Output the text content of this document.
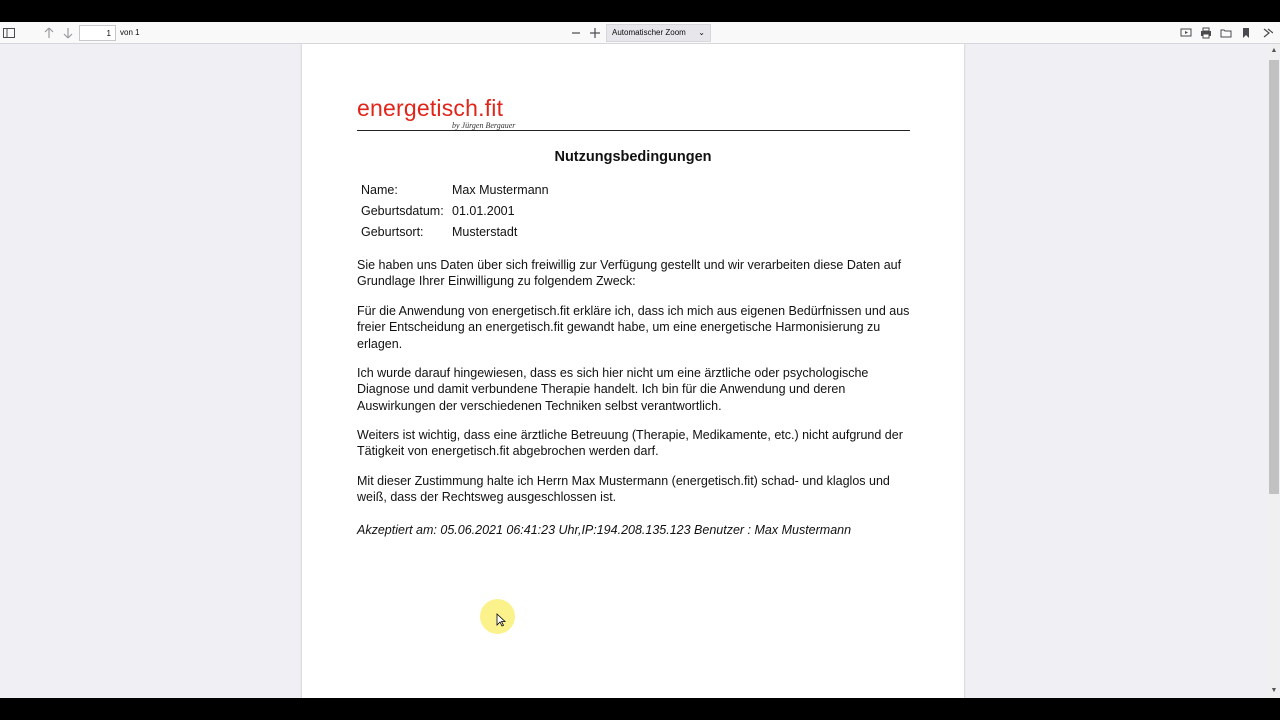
1
von 1	Automatischer Zoom ⌄
energetisch.fit
by Jürgen Bergauer
Nutzungsbedingungen
Name:	Max Mustermann
Geburtsdatum: 01.01.2001
Geburtsort: Musterstadt

Sie haben uns Daten über sich freiwillig zur Verfügung gestellt und wir verarbeiten diese Daten auf Grundlage Ihrer Einwilligung zu folgendem Zweck:

Für die Anwendung von energetisch.fit erkläre ich, dass ich mich aus eigenen Bedürfnissen und aus freier Entscheidung an energetisch.fit gewandt habe, um eine energetische Harmonisierung zu erlagen.

Ich wurde darauf hingewiesen, dass es sich hier nicht um eine ärztliche oder psychologische Diagnose und damit verbundene Therapie handelt. Ich bin für die Anwendung und deren Auswirkungen der verschiedenen Techniken selbst verantwortlich.

Weiters ist wichtig, dass eine ärztliche Betreuung (Therapie, Medikamente, etc.) nicht aufgrund der Tätigkeit von energetisch.fit abgebrochen werden darf.

Mit dieser Zustimmung halte ich Herrn Max Mustermann (energetisch.fit) schad- und klaglos und weiß, dass der Rechtsweg ausgeschlossen ist.

Akzeptiert am: 05.06.2021 06:41:23 Uhr,IP:194.208.135.123 Benutzer : Max Mustermann
▲
▼
